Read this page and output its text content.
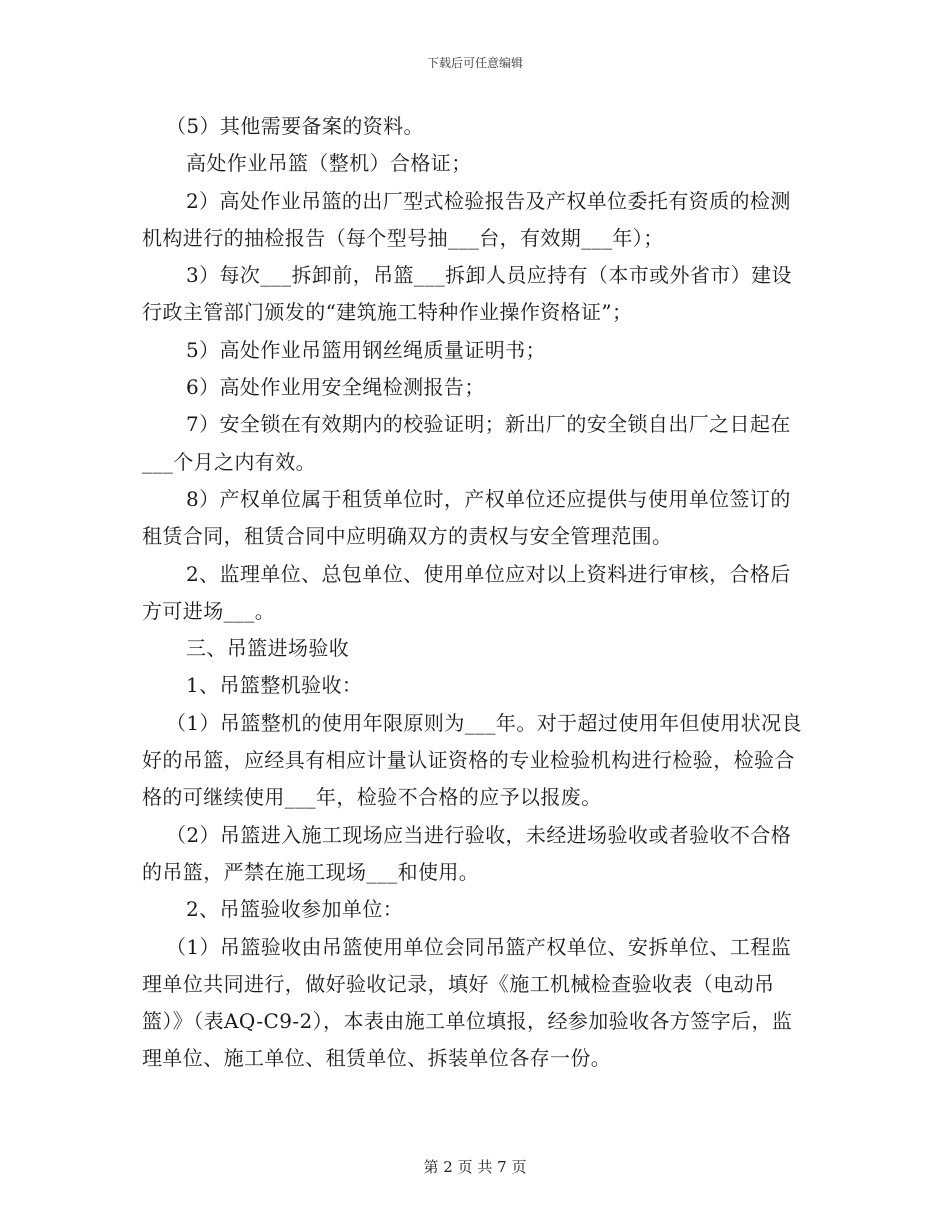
下载后可任意编辑

（5）其他需要备案的资料。

高处作业吊篮（整机）合格证；

2）高处作业吊篮的出厂型式检验报告及产权单位委托有资质的检测机构进行的抽检报告（每个型号抽___台，有效期___年）；

3）每次___拆卸前，吊篮___拆卸人员应持有（本市或外省市）建设行政主管部门颁发的“建筑施工特种作业操作资格证”；

5）高处作业吊篮用钢丝绳质量证明书；

6）高处作业用安全绳检测报告；

7）安全锁在有效期内的校验证明；新出厂的安全锁自出厂之日起在___个月之内有效。

8）产权单位属于租赁单位时，产权单位还应提供与使用单位签订的租赁合同，租赁合同中应明确双方的责权与安全管理范围。

2、监理单位、总包单位、使用单位应对以上资料进行审核，合格后方可进场___。

三、吊篮进场验收

1、吊篮整机验收：

（1）吊篮整机的使用年限原则为___年。对于超过使用年但使用状况良好的吊篮，应经具有相应计量认证资格的专业检验机构进行检验，检验合格的可继续使用___年，检验不合格的应予以报废。

（2）吊篮进入施工现场应当进行验收，未经进场验收或者验收不合格的吊篮，严禁在施工现场___和使用。

2、吊篮验收参加单位：

（1）吊篮验收由吊篮使用单位会同吊篮产权单位、安拆单位、工程监理单位共同进行，做好验收记录，填好《施工机械检查验收表（电动吊篮）》（表AQ-C9-2），本表由施工单位填报，经参加验收各方签字后，监理单位、施工单位、租赁单位、拆装单位各存一份。

第 2 页 共 7 页
